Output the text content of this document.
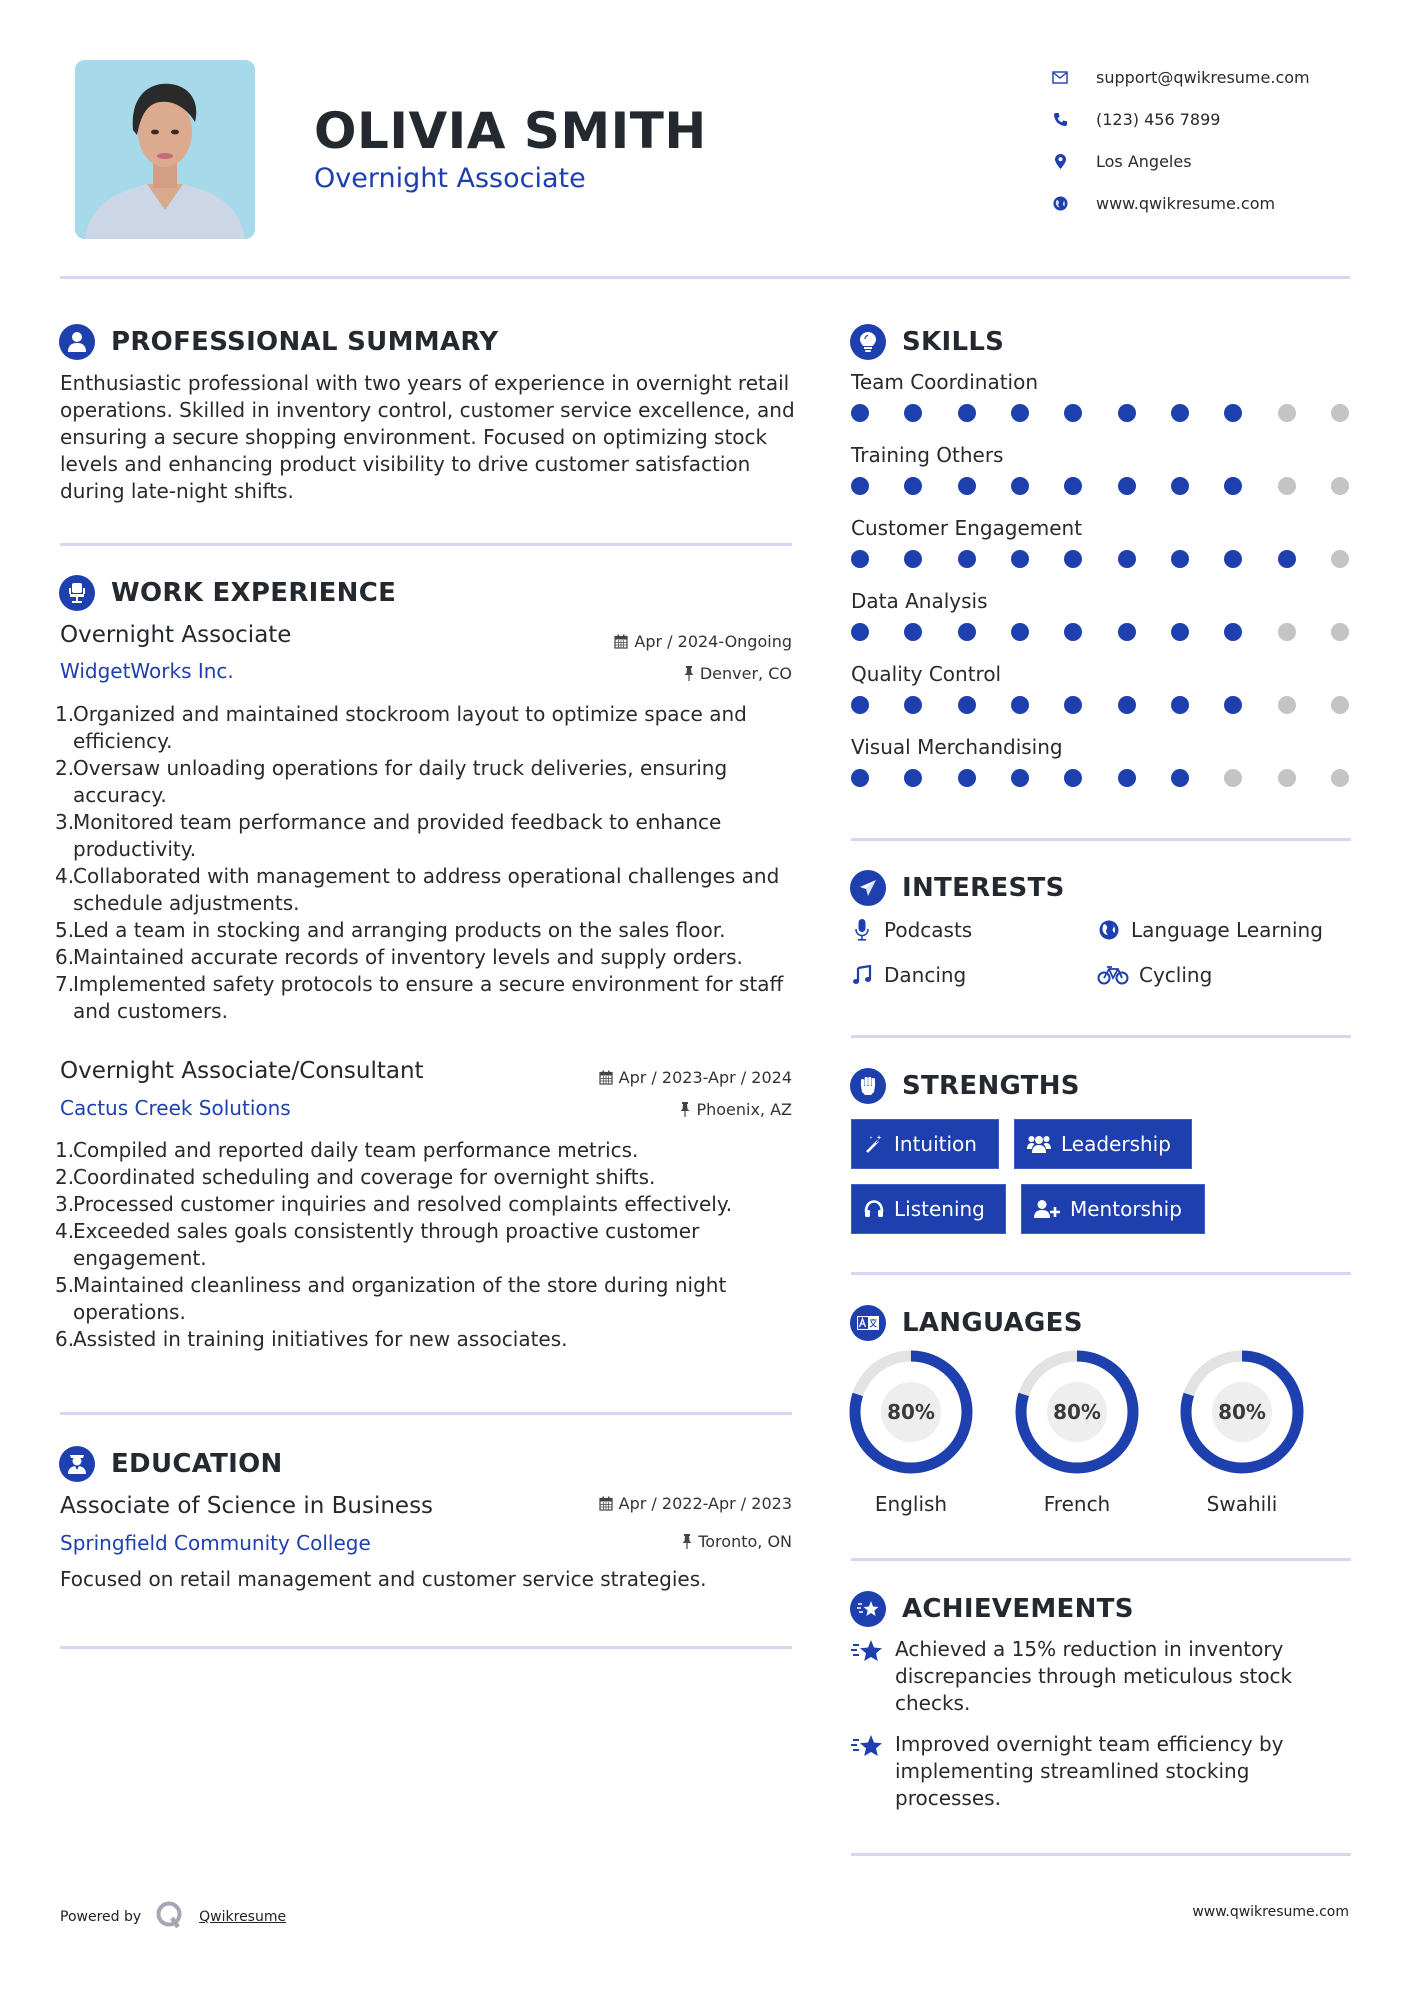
OLIVIA SMITH
Overnight Associate
support@qwikresume.com
(123) 456 7899
Los Angeles
www.qwikresume.com
PROFESSIONAL SUMMARY
Enthusiastic professional with two years of experience in overnight retail operations. Skilled in inventory control, customer service excellence, and ensuring a secure shopping environment. Focused on optimizing stock levels and enhancing product visibility to drive customer satisfaction during late-night shifts.
WORK EXPERIENCE
Overnight Associate	Apr / 2024-Ongoing
WidgetWorks Inc.	Denver, CO
1.
Organized and maintained stockroom layout to optimize space and efficiency.
2.
Oversaw unloading operations for daily truck deliveries, ensuring accuracy.
3.
Monitored team performance and provided feedback to enhance productivity.
4.
Collaborated with management to address operational challenges and schedule adjustments.
5.
Led a team in stocking and arranging products on the sales floor.
6.
Maintained accurate records of inventory levels and supply orders.
7.
Implemented safety protocols to ensure a secure environment for staff and customers.
Overnight Associate/Consultant	Apr / 2023-Apr / 2024
Cactus Creek Solutions	Phoenix, AZ
1.
Compiled and reported daily team performance metrics.
2.
Coordinated scheduling and coverage for overnight shifts.
3.
Processed customer inquiries and resolved complaints effectively.
4.
Exceeded sales goals consistently through proactive customer engagement.
5.
Maintained cleanliness and organization of the store during night operations.
6.
Assisted in training initiatives for new associates.
EDUCATION
Associate of Science in Business	Apr / 2022-Apr / 2023
Springfield Community College	Toronto, ON
Focused on retail management and customer service strategies.
SKILLS
Team Coordination
Training Others
Customer Engagement
Data Analysis
Quality Control
Visual Merchandising
INTERESTS
Podcasts	Language Learning
Dancing	Cycling
STRENGTHS
Intuition	Leadership
Listening	Mentorship
LANGUAGES
80%
English
80%
French
80%
Swahili
ACHIEVEMENTS
Achieved a 15% reduction in inventory discrepancies through meticulous stock checks.
Improved overnight team efficiency by implementing streamlined stocking processes.
Powered by	Qwikresume	www.qwikresume.com
